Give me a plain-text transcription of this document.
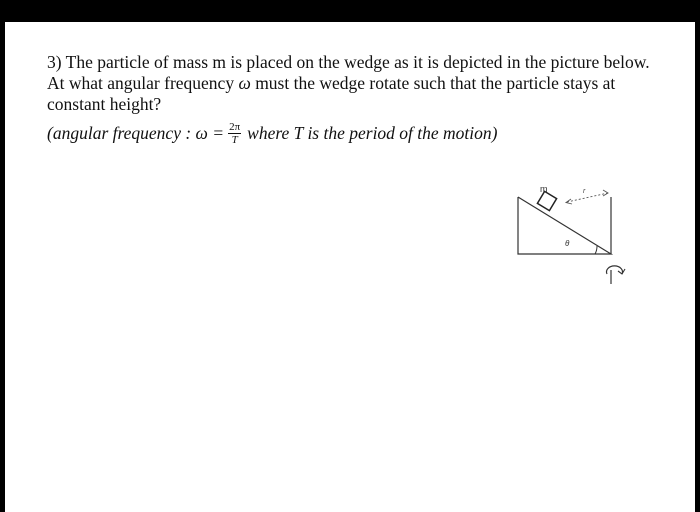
3) The particle of mass m is placed on the wedge as it is depicted in the picture below. At what angular frequency ω must the wedge rotate such that the particle stays at constant height?
(angular frequency : $\omega = \frac{2\pi}{T}$ where T is the period of the motion)
m	r
θ
